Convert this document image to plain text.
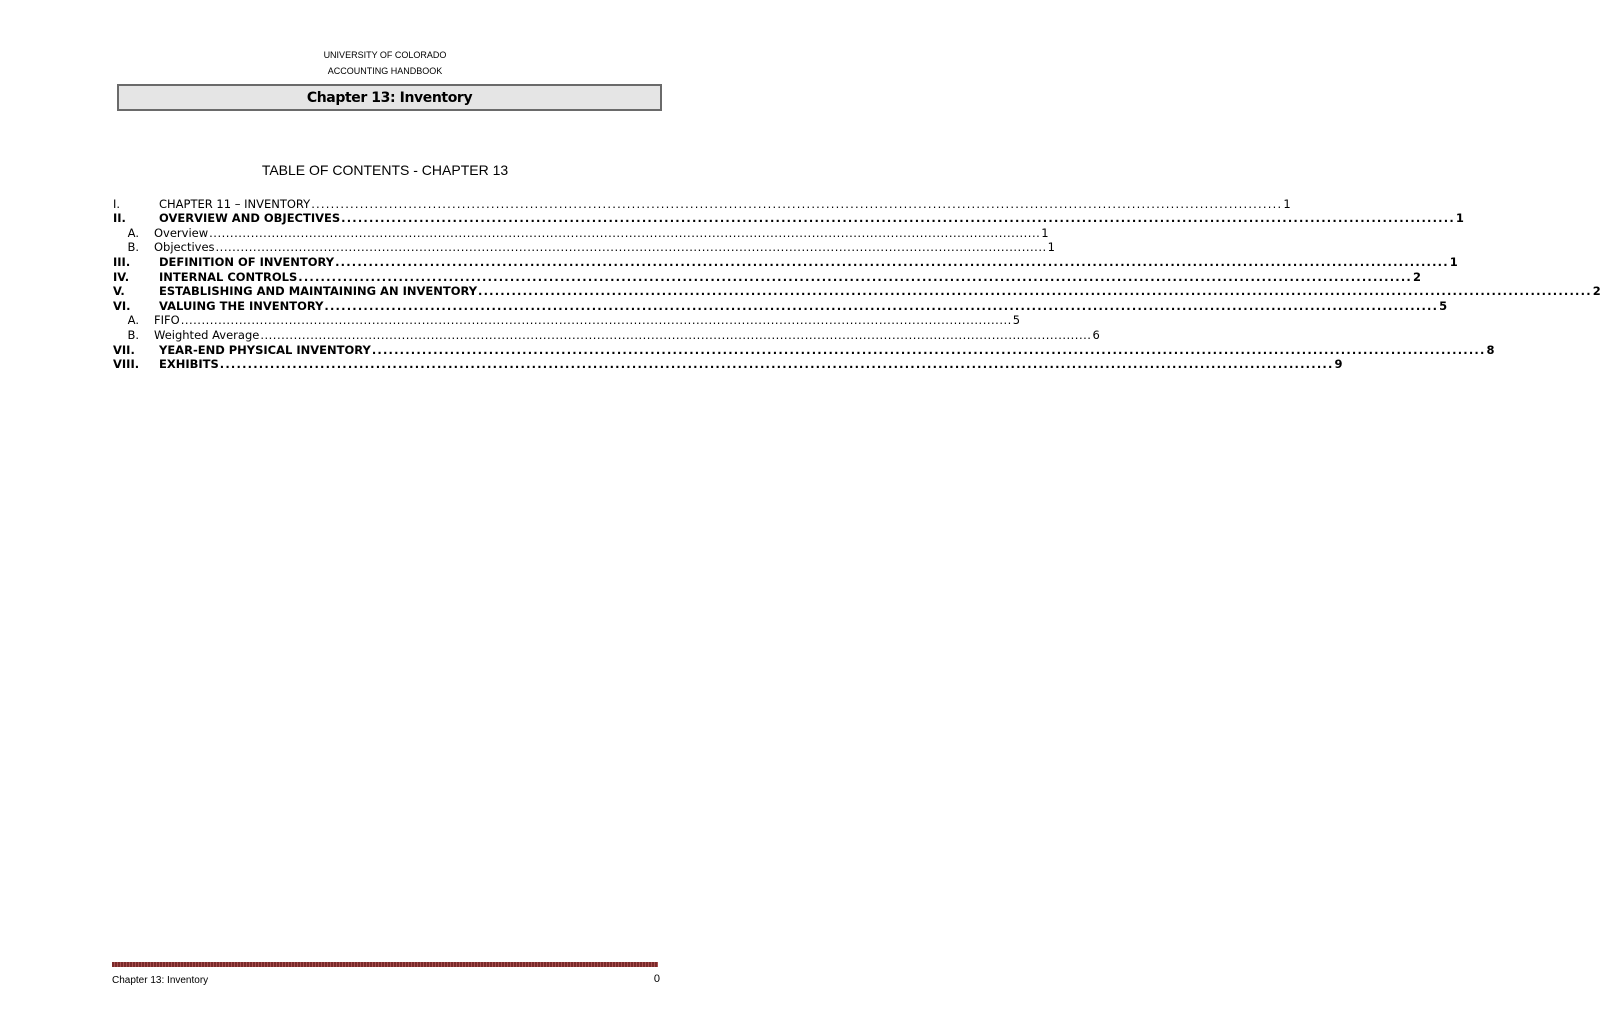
UNIVERSITY OF COLORADO
ACCOUNTING HANDBOOK
Chapter 13: Inventory
TABLE OF CONTENTS - CHAPTER 13
I.	CHAPTER 11 – INVENTORY ........................................................................................................................................................................................................ 1
II.	OVERVIEW AND OBJECTIVES ........................................................................................................................................................................................................ 1
A.	Overview ........................................................................................................................................................................................................ 1
B.	Objectives ........................................................................................................................................................................................................ 1
III.	DEFINITION OF INVENTORY ........................................................................................................................................................................................................ 1
IV.	INTERNAL CONTROLS ........................................................................................................................................................................................................ 2
V.	ESTABLISHING AND MAINTAINING AN INVENTORY ........................................................................................................................................................................................................ 2
VI.	VALUING THE INVENTORY ........................................................................................................................................................................................................ 5
A.	FIFO ........................................................................................................................................................................................................ 5
B.	Weighted Average ........................................................................................................................................................................................................ 6
VII.	YEAR-END PHYSICAL INVENTORY ........................................................................................................................................................................................................ 8
VIII.	EXHIBITS ........................................................................................................................................................................................................ 9
Chapter 13: Inventory	0
